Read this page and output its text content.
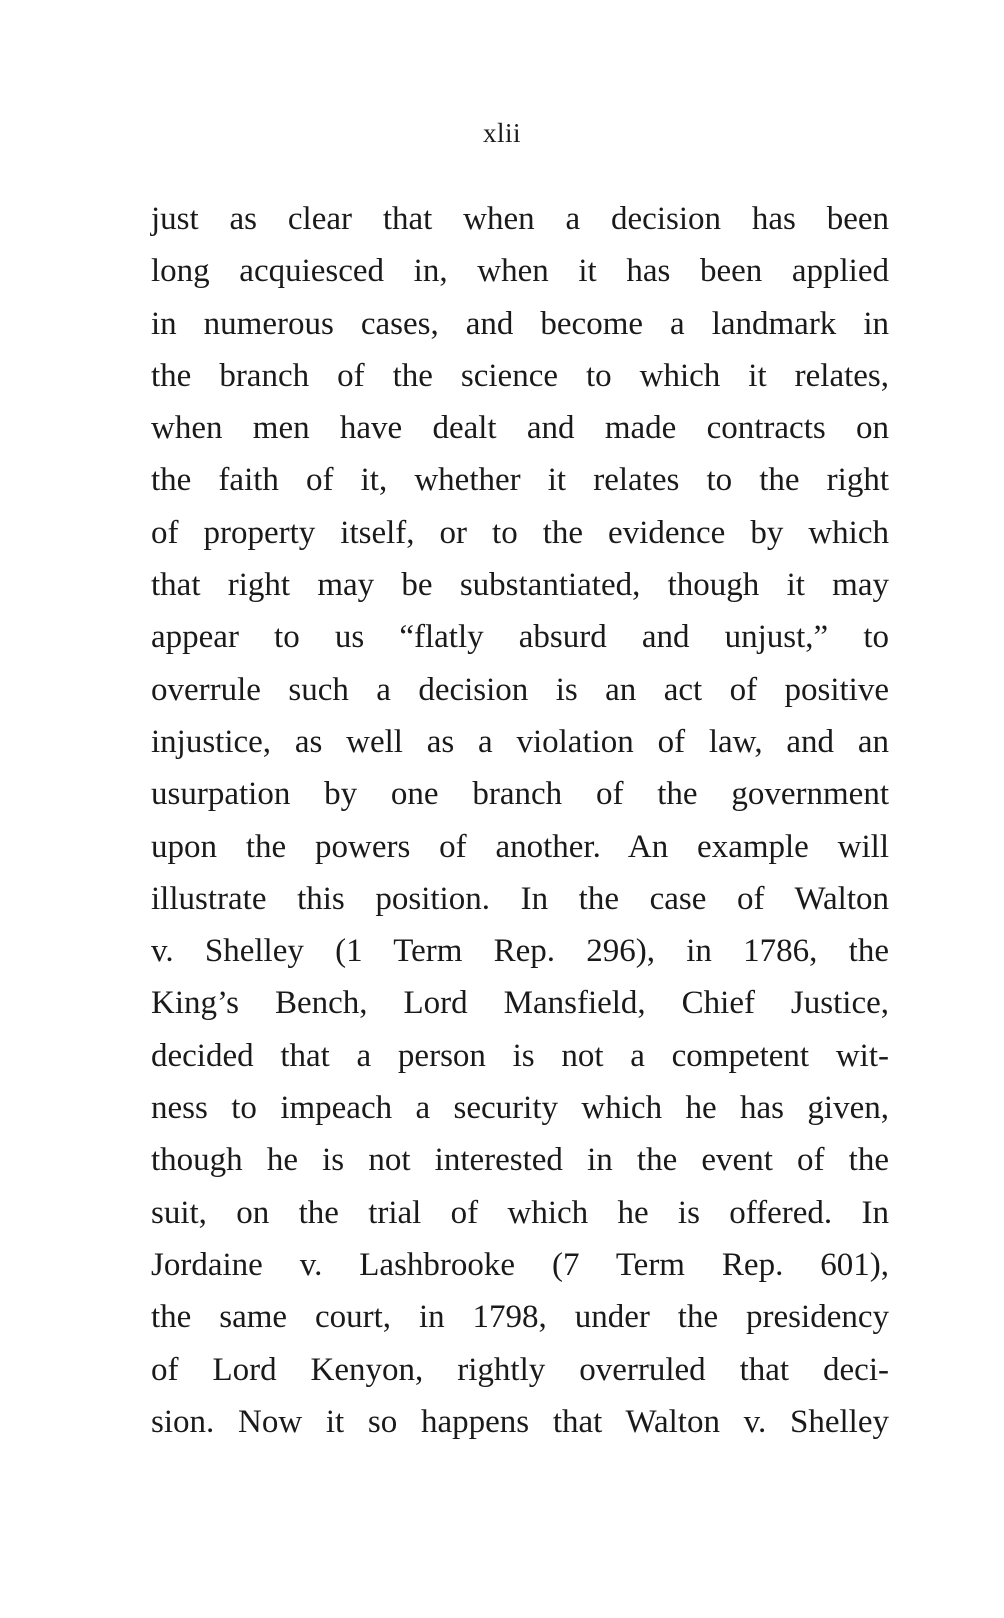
xlii
just as clear that when a decision has been
long acquiesced in, when it has been applied
in numerous cases, and become a landmark in
the branch of the science to which it relates,
when men have dealt and made contracts on
the faith of it, whether it relates to the right
of property itself, or to the evidence by which
that right may be substantiated, though it may
appear to us “flatly absurd and unjust,” to
overrule such a decision is an act of positive
injustice, as well as a violation of law, and an
usurpation by one branch of the government
upon the powers of another. An example will
illustrate this position. In the case of Walton
v. Shelley (1 Term Rep. 296), in 1786, the
King’s Bench, Lord Mansfield, Chief Justice,
decided that a person is not a competent wit-
ness to impeach a security which he has given,
though he is not interested in the event of the
suit, on the trial of which he is offered. In
Jordaine v. Lashbrooke (7 Term Rep. 601),
the same court, in 1798, under the presidency
of Lord Kenyon, rightly overruled that deci-
sion. Now it so happens that Walton v. Shelley
